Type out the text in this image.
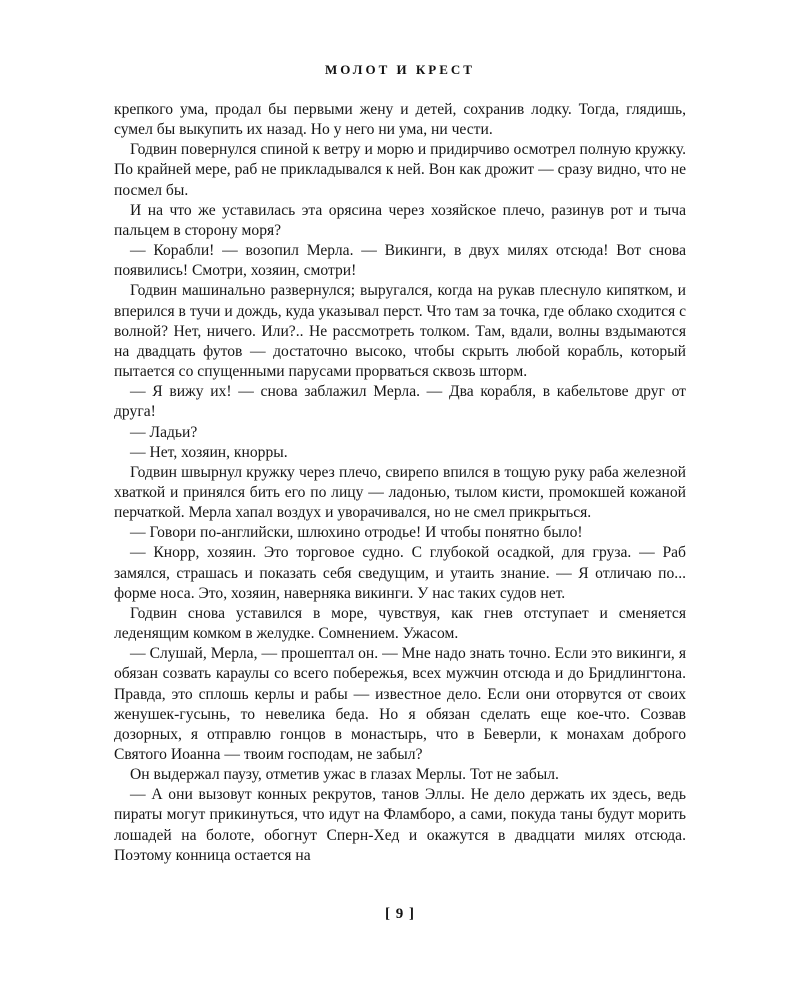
МОЛОТ И КРЕСТ

крепкого ума, продал бы первыми жену и детей, сохранив лодку. Тогда, глядишь, сумел бы выкупить их назад. Но у него ни ума, ни чести.

Годвин повернулся спиной к ветру и морю и придирчиво осмотрел полную кружку. По крайней мере, раб не прикладывался к ней. Вон как дрожит — сразу видно, что не посмел бы.

И на что же уставилась эта орясина через хозяйское плечо, разинув рот и тыча пальцем в сторону моря?

— Корабли! — возопил Мерла. — Викинги, в двух милях отсюда! Вот снова появились! Смотри, хозяин, смотри!

Годвин машинально развернулся; выругался, когда на рукав плеснуло кипятком, и вперился в тучи и дождь, куда указывал перст. Что там за точка, где облако сходится с волной? Нет, ничего. Или?.. Не рассмотреть толком. Там, вдали, волны вздымаются на двадцать футов — достаточно высоко, чтобы скрыть любой корабль, который пытается со спущенными парусами прорваться сквозь шторм.

— Я вижу их! — снова заблажил Мерла. — Два корабля, в кабельтове друг от друга!

— Ладьи?

— Нет, хозяин, кнорры.

Годвин швырнул кружку через плечо, свирепо впился в тощую руку раба железной хваткой и принялся бить его по лицу — ладонью, тылом кисти, промокшей кожаной перчаткой. Мерла хапал воздух и уворачивался, но не смел прикрыться.

— Говори по-английски, шлюхино отродье! И чтобы понятно было!

— Кнорр, хозяин. Это торговое судно. С глубокой осадкой, для груза. — Раб замялся, страшась и показать себя сведущим, и утаить знание. — Я отличаю по... форме носа. Это, хозяин, наверняка викинги. У нас таких судов нет.

Годвин снова уставился в море, чувствуя, как гнев отступает и сменяется леденящим комком в желудке. Сомнением. Ужасом.

— Слушай, Мерла, — прошептал он. — Мне надо знать точно. Если это викинги, я обязан созвать караулы со всего побережья, всех мужчин отсюда и до Бридлингтона. Правда, это сплошь керлы и рабы — известное дело. Если они оторвутся от своих женушек-гусынь, то невелика беда. Но я обязан сделать еще кое-что. Созвав дозорных, я отправлю гонцов в монастырь, что в Беверли, к монахам доброго Святого Иоанна — твоим господам, не забыл?

Он выдержал паузу, отметив ужас в глазах Мерлы. Тот не забыл.

— А они вызовут конных рекрутов, танов Эллы. Не дело держать их здесь, ведь пираты могут прикинуться, что идут на Фламборо, а сами, покуда таны будут морить лошадей на болоте, обогнут Сперн-Хед и окажутся в двадцати милях отсюда. Поэтому конница остается на

[ 9 ]
